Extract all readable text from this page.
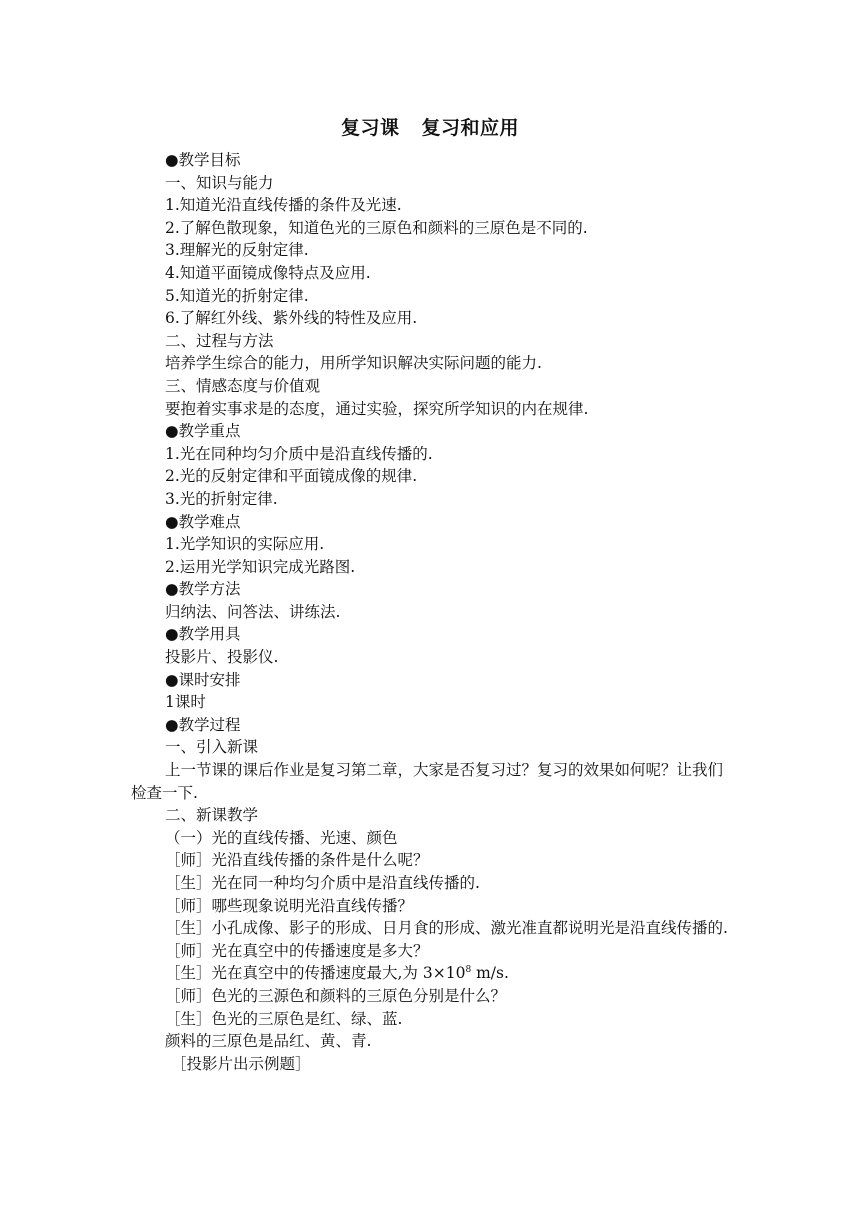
复习课 复习和应用
●教学目标
一、知识与能力
1.知道光沿直线传播的条件及光速.
2.了解色散现象，知道色光的三原色和颜料的三原色是不同的.
3.理解光的反射定律.
4.知道平面镜成像特点及应用.
5.知道光的折射定律.
6.了解红外线、紫外线的特性及应用.
二、过程与方法
培养学生综合的能力，用所学知识解决实际问题的能力.
三、情感态度与价值观
要抱着实事求是的态度，通过实验，探究所学知识的内在规律.
●教学重点
1.光在同种均匀介质中是沿直线传播的.
2.光的反射定律和平面镜成像的规律.
3.光的折射定律.
●教学难点
1.光学知识的实际应用.
2.运用光学知识完成光路图.
●教学方法
归纳法、问答法、讲练法.
●教学用具
投影片、投影仪.
●课时安排
1课时
●教学过程
一、引入新课
上一节课的课后作业是复习第二章，大家是否复习过？复习的效果如何呢？让我们检查一下.
二、新课教学
（一）光的直线传播、光速、颜色
［师］光沿直线传播的条件是什么呢？
［生］光在同一种均匀介质中是沿直线传播的.
［师］哪些现象说明光沿直线传播？
［生］小孔成像、影子的形成、日月食的形成、激光准直都说明光是沿直线传播的.
［师］光在真空中的传播速度是多大？
［生］光在真空中的传播速度最大,为 $3\times 10^8$ m/s.
［师］色光的三源色和颜料的三原色分别是什么？
［生］色光的三原色是红、绿、蓝.
颜料的三原色是品红、黄、青.
［投影片出示例题］
